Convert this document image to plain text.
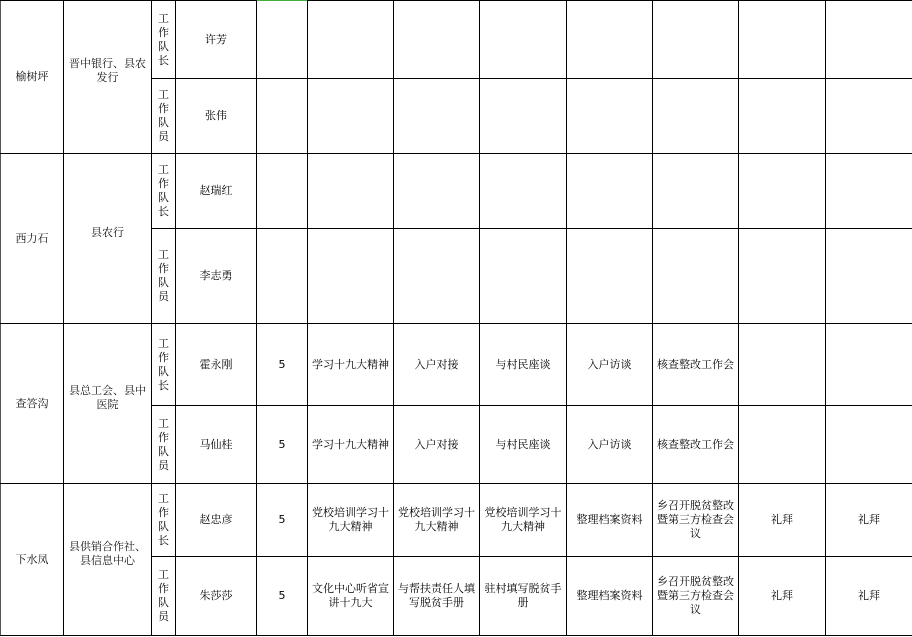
榆树坪	晋中银行、县农发行	工作队长	许芳								

		工作队员	张伟								
西力石	县农行	工作队长	赵瑞红								

		工作队员	李志勇								
查答沟	县总工会、县中医院	工作队长	霍永刚	5	学习十九大精神	入户对接	与村民座谈	入户访谈	核查整改工作会		

		工作队员	马仙桂	5	学习十九大精神	入户对接	与村民座谈	入户访谈	核查整改工作会		
下水凤	县供销合作社、县信息中心	工作队长	赵忠彦	5	党校培训学习十九大精神	党校培训学习十九大精神	党校培训学习十九大精神	整理档案资料	乡召开脱贫整改暨第三方检查会议	礼拜	礼拜

		工作队员	朱莎莎	5	文化中心听省宣讲十九大	与帮扶责任人填写脱贫手册	驻村填写脱贫手册	整理档案资料	乡召开脱贫整改暨第三方检查会议	礼拜	礼拜
